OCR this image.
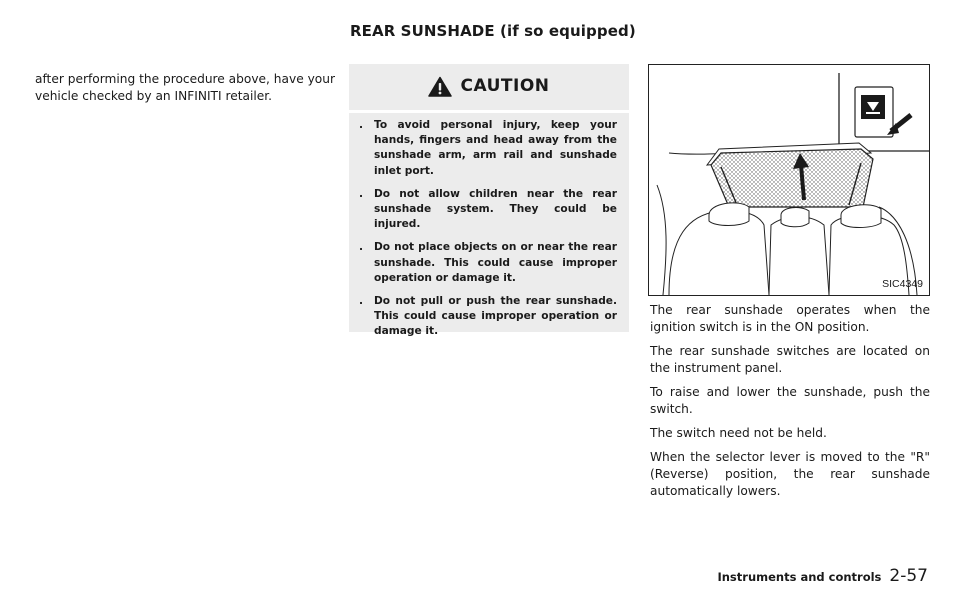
REAR SUNSHADE (if so equipped)
after performing the procedure above, have your vehicle checked by an INFINITI retailer.	CAUTION
. To avoid personal injury, keep your hands, fingers and head away from the sunshade arm, arm rail and sunshade inlet port.
. Do not allow children near the rear sunshade system. They could be injured.
. Do not place objects on or near the rear sunshade. This could cause improper operation or damage it.
. Do not pull or push the rear sunshade. This could cause improper operation or damage it.
SIC4349

The rear sunshade operates when the ignition switch is in the ON position.

The rear sunshade switches are located on the instrument panel.

To raise and lower the sunshade, push the switch.

The switch need not be held.

When the selector lever is moved to the "R" (Reverse) position, the rear sunshade automatically lowers.

Instruments and controls 2-57
